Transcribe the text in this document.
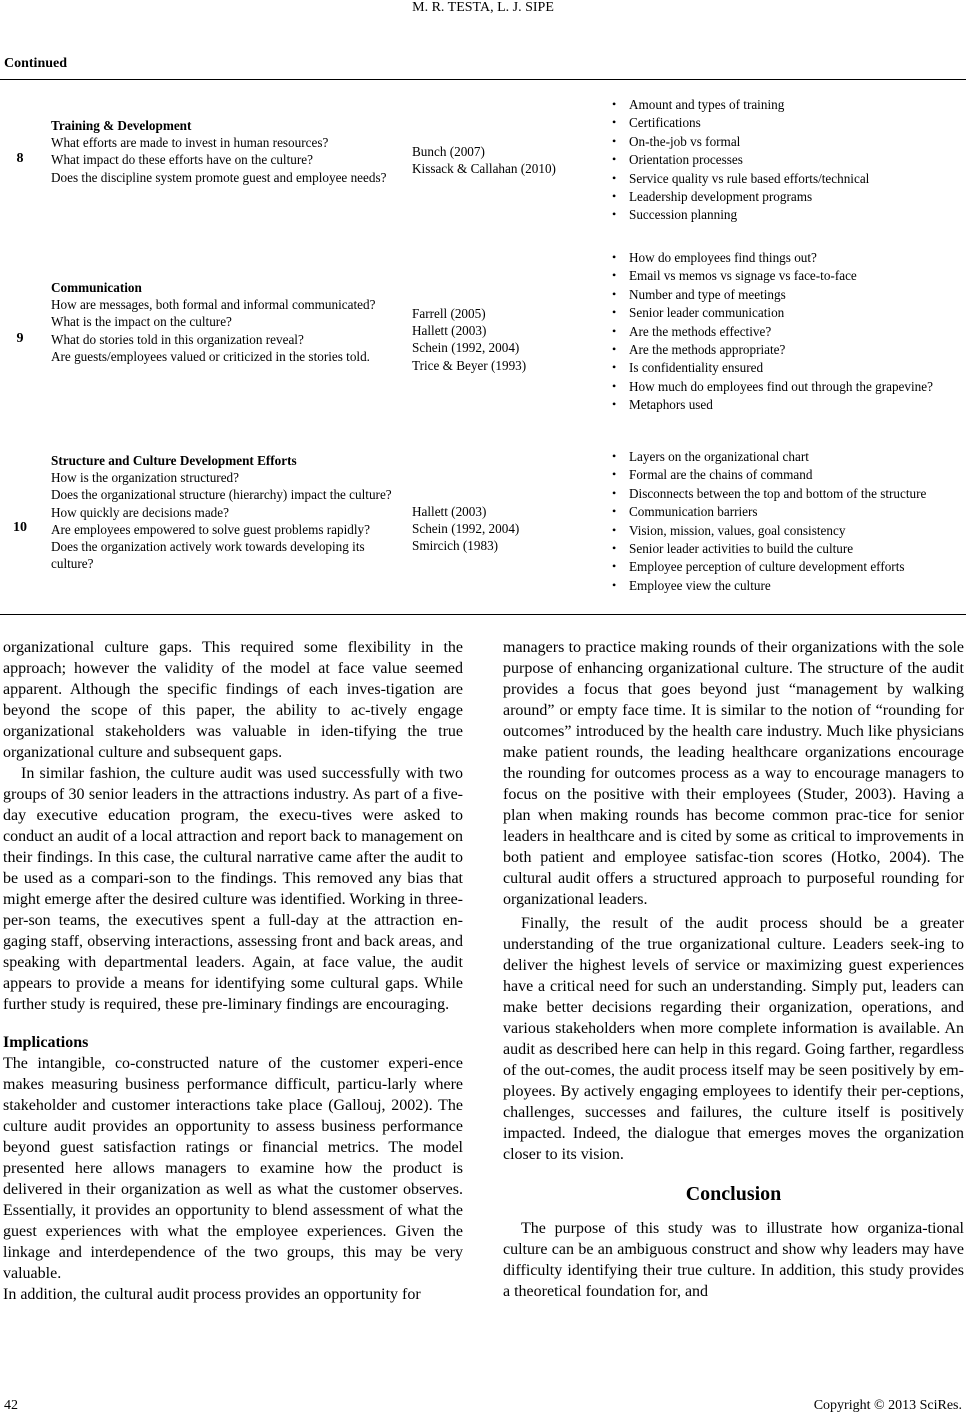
M. R. TESTA, L. J. SIPE
Continued
8
Training & Development
What efforts are made to invest in human resources?
What impact do these efforts have on the culture?
Does the discipline system promote guest and employee needs?
Bunch (2007)
Kissack & Callahan (2010)
• Amount and types of training
• Certifications
• On-the-job vs formal
• Orientation processes
• Service quality vs rule based efforts/technical
• Leadership development programs
• Succession planning
9
Communication
How are messages, both formal and informal communicated?
What is the impact on the culture?
What do stories told in this organization reveal?
Are guests/employees valued or criticized in the stories told.
Farrell (2005)
Hallett (2003)
Schein (1992, 2004)
Trice & Beyer (1993)
• How do employees find things out?
• Email vs memos vs signage vs face-to-face
• Number and type of meetings
• Senior leader communication
• Are the methods effective?
• Are the methods appropriate?
• Is confidentiality ensured
• How much do employees find out through the grapevine?
• Metaphors used
10
Structure and Culture Development Efforts
How is the organization structured?
Does the organizational structure (hierarchy) impact the culture?
How quickly are decisions made?
Are employees empowered to solve guest problems rapidly?
Does the organization actively work towards developing its culture?
Hallett (2003)
Schein (1992, 2004)
Smircich (1983)
• Layers on the organizational chart
• Formal are the chains of command
• Disconnects between the top and bottom of the structure
• Communication barriers
• Vision, mission, values, goal consistency
• Senior leader activities to build the culture
• Employee perception of culture development efforts
• Employee view the culture

organizational culture gaps. This required some flexibility in the approach; however the validity of the model at face value seemed apparent. Although the specific findings of each inves-tigation are beyond the scope of this paper, the ability to ac-tively engage organizational stakeholders was valuable in iden-tifying the true organizational culture and subsequent gaps.

In similar fashion, the culture audit was used successfully with two groups of 30 senior leaders in the attractions industry. As part of a five-day executive education program, the execu-tives were asked to conduct an audit of a local attraction and report back to management on their findings. In this case, the cultural narrative came after the audit to be used as a compari-son to the findings. This removed any bias that might emerge after the desired culture was identified. Working in three-per-son teams, the executives spent a full-day at the attraction en-gaging staff, observing interactions, assessing front and back areas, and speaking with departmental leaders. Again, at face value, the audit appears to provide a means for identifying some cultural gaps. While further study is required, these pre-liminary findings are encouraging.

Implications

The intangible, co-constructed nature of the customer experi-ence makes measuring business performance difficult, particu-larly where stakeholder and customer interactions take place (Gallouj, 2002). The culture audit provides an opportunity to assess business performance beyond guest satisfaction ratings or financial metrics. The model presented here allows managers to examine how the product is delivered in their organization as well as what the customer observes. Essentially, it provides an opportunity to blend assessment of what the guest experiences with what the employee experiences. Given the linkage and interdependence of the two groups, this may be very valuable.

In addition, the cultural audit process provides an opportunity for

managers to practice making rounds of their organizations with the sole purpose of enhancing organizational culture. The structure of the audit provides a focus that goes beyond just “management by walking around” or empty face time. It is similar to the notion of “rounding for outcomes” introduced by the health care industry. Much like physicians make patient rounds, the leading healthcare organizations encourage the rounding for outcomes process as a way to encourage managers to focus on the positive with their employees (Studer, 2003). Having a plan when making rounds has become common prac-tice for senior leaders in healthcare and is cited by some as critical to improvements in both patient and employee satisfac-tion scores (Hotko, 2004). The cultural audit offers a structured approach to purposeful rounding for organizational leaders.

Finally, the result of the audit process should be a greater understanding of the true organizational culture. Leaders seek-ing to deliver the highest levels of service or maximizing guest experiences have a critical need for such an understanding. Simply put, leaders can make better decisions regarding their organization, operations, and various stakeholders when more complete information is available. An audit as described here can help in this regard. Going farther, regardless of the out-comes, the audit process itself may be seen positively by em-ployees. By actively engaging employees to identify their per-ceptions, challenges, successes and failures, the culture itself is positively impacted. Indeed, the dialogue that emerges moves the organization closer to its vision.

Conclusion

The purpose of this study was to illustrate how organiza-tional culture can be an ambiguous construct and show why leaders may have difficulty identifying their true culture. In addition, this study provides a theoretical foundation for, and

42	Copyright © 2013 SciRes.
